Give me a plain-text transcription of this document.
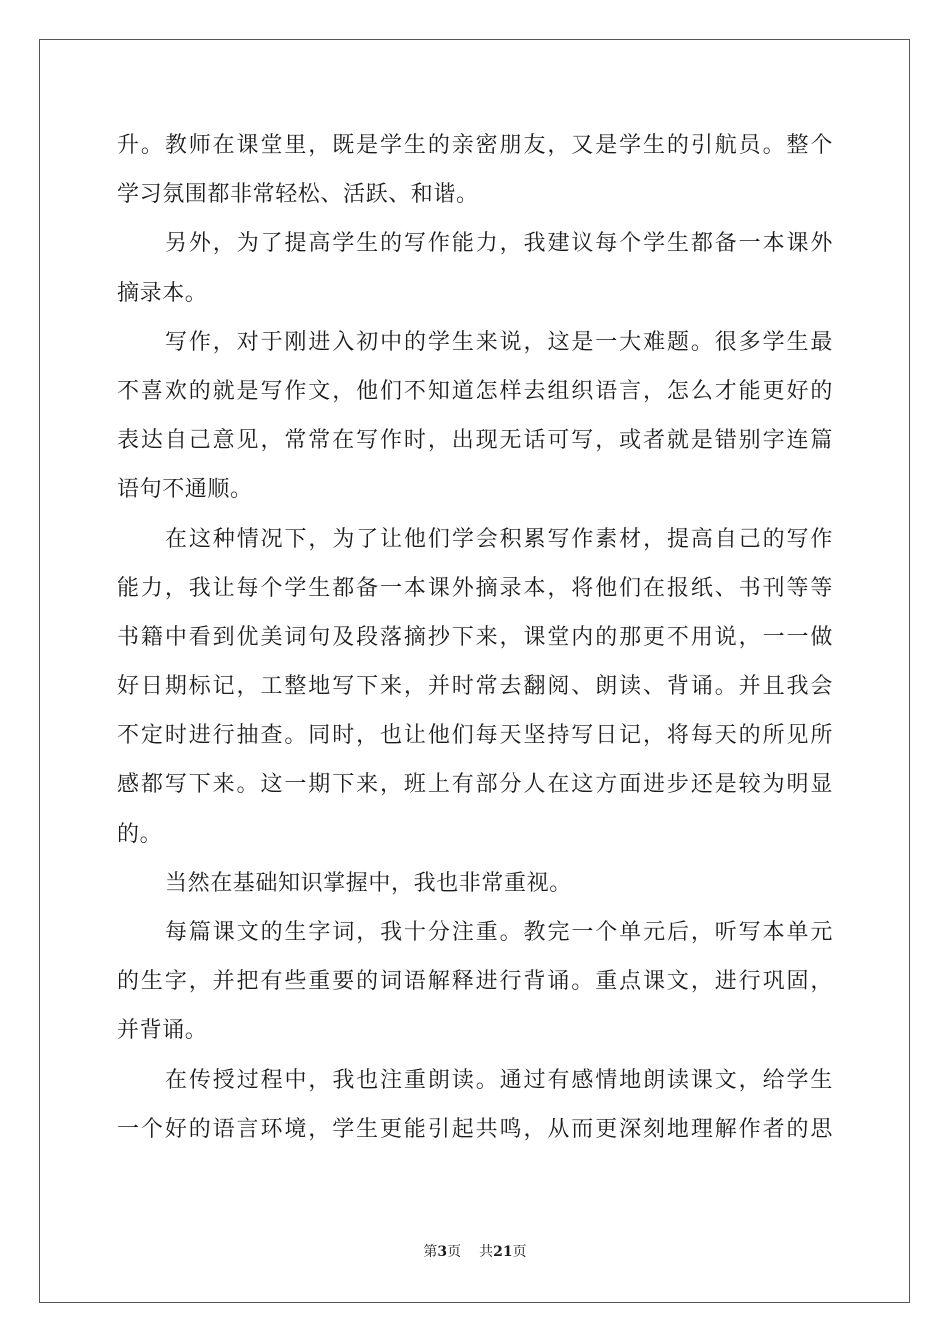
升。教师在课堂里，既是学生的亲密朋友，又是学生的引航员。整个
学习氛围都非常轻松、活跃、和谐。
另外，为了提高学生的写作能力，我建议每个学生都备一本课外
摘录本。
写作，对于刚进入初中的学生来说，这是一大难题。很多学生最
不喜欢的就是写作文，他们不知道怎样去组织语言，怎么才能更好的
表达自己意见，常常在写作时，出现无话可写，或者就是错别字连篇
语句不通顺。
在这种情况下，为了让他们学会积累写作素材，提高自己的写作
能力，我让每个学生都备一本课外摘录本，将他们在报纸、书刊等等
书籍中看到优美词句及段落摘抄下来，课堂内的那更不用说，一一做
好日期标记，工整地写下来，并时常去翻阅、朗读、背诵。并且我会
不定时进行抽查。同时，也让他们每天坚持写日记，将每天的所见所
感都写下来。这一期下来，班上有部分人在这方面进步还是较为明显
的。
当然在基础知识掌握中，我也非常重视。
每篇课文的生字词，我十分注重。教完一个单元后，听写本单元
的生字，并把有些重要的词语解释进行背诵。重点课文，进行巩固，
并背诵。
在传授过程中，我也注重朗读。通过有感情地朗读课文，给学生
一个好的语言环境，学生更能引起共鸣，从而更深刻地理解作者的思
第3页 共21页
